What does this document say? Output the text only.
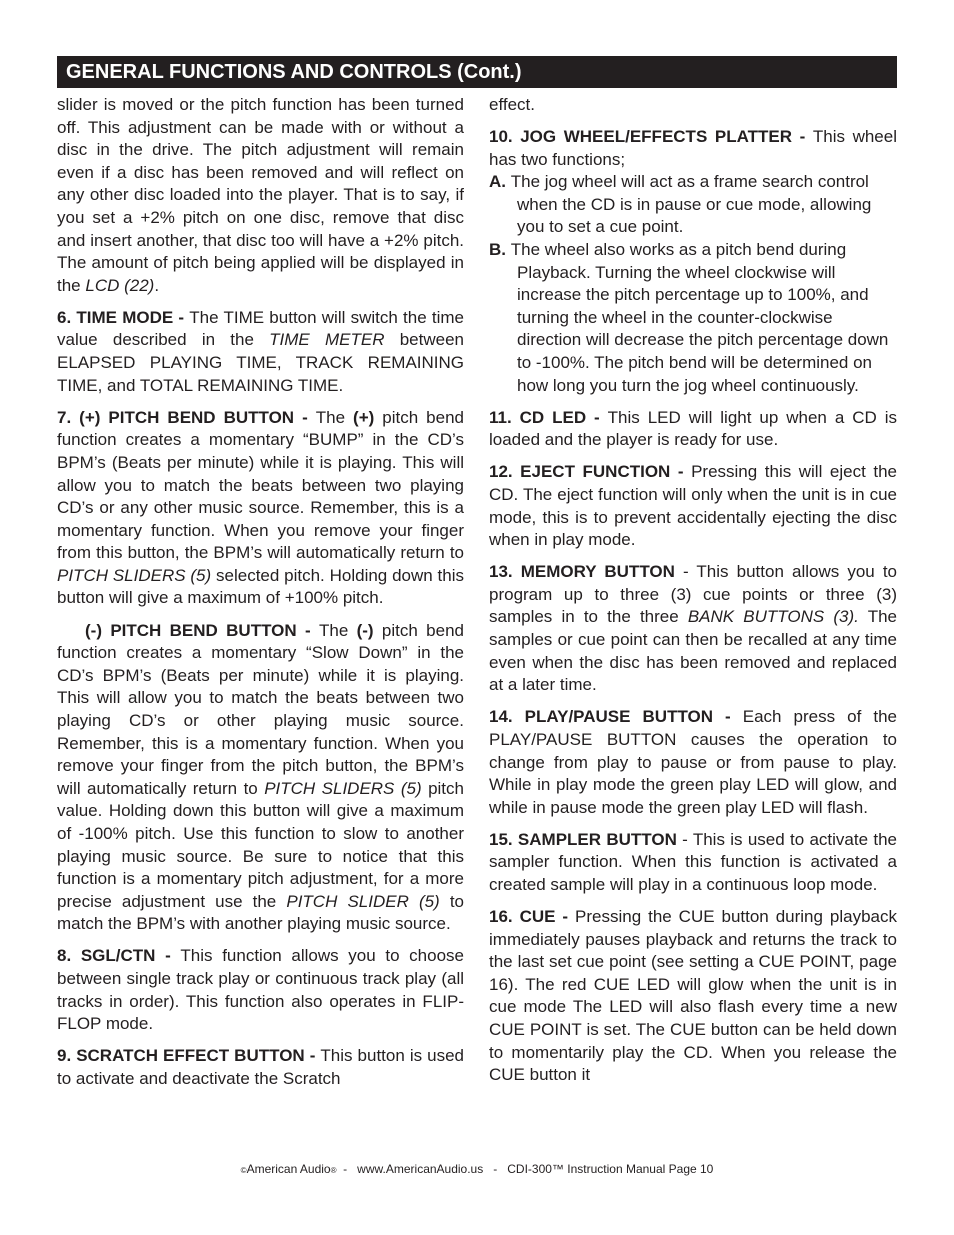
GENERAL FUNCTIONS AND CONTROLS (Cont.)

slider is moved or the pitch function has been turned off. This adjustment can be made with or without a disc in the drive. The pitch adjustment will remain even if a disc has been removed and will reflect on any other disc loaded into the player. That is to say, if you set a +2% pitch on one disc, remove that disc and insert another, that disc too will have a +2% pitch. The amount of pitch being applied will be displayed in the LCD (22).

6. TIME MODE - The TIME button will switch the time value described in the TIME METER between ELAPSED PLAYING TIME, TRACK REMAINING TIME, and TOTAL REMAINING TIME.

7. (+) PITCH BEND BUTTON - The (+) pitch bend function creates a momentary “BUMP” in the CD’s BPM’s (Beats per minute) while it is playing. This will allow you to match the beats between two playing CD’s or any other music source. Remember, this is a momentary function. When you remove your finger from this button, the BPM’s will automatically return to PITCH SLIDERS (5) selected pitch. Holding down this button will give a maximum of +100% pitch.

(-) PITCH BEND BUTTON - The (-) pitch bend function creates a momentary “Slow Down” in the CD’s BPM’s (Beats per minute) while it is playing. This will allow you to match the beats between two playing CD’s or other playing music source. Remember, this is a momentary function. When you remove your finger from the pitch button, the BPM’s will automatically return to PITCH SLIDERS (5) pitch value. Holding down this button will give a maximum of -100% pitch. Use this function to slow to another playing music source. Be sure to notice that this function is a momentary pitch adjustment, for a more precise adjustment use the PITCH SLIDER (5) to match the BPM’s with another playing music source.

8. SGL/CTN - This function allows you to choose between single track play or continuous track play (all tracks in order). This function also operates in FLIP-FLOP mode.

9. SCRATCH EFFECT BUTTON - This button is used to activate and deactivate the Scratch

effect.

10. JOG WHEEL/EFFECTS PLATTER - This wheel has two functions;

A. The jog wheel will act as a frame search control when the CD is in pause or cue mode, allowing you to set a cue point.

B. The wheel also works as a pitch bend during Playback. Turning the wheel clockwise will increase the pitch percentage up to 100%, and turning the wheel in the counter-clockwise direction will decrease the pitch percentage down to -100%. The pitch bend will be determined on how long you turn the jog wheel continuously.

11. CD LED - This LED will light up when a CD is loaded and the player is ready for use.

12. EJECT FUNCTION - Pressing this will eject the CD. The eject function will only when the unit is in cue mode, this is to prevent accidentally ejecting the disc when in play mode.

13. MEMORY BUTTON - This button allows you to program up to three (3) cue points or three (3) samples in to the three BANK BUTTONS (3). The samples or cue point can then be recalled at any time even when the disc has been removed and replaced at a later time.

14. PLAY/PAUSE BUTTON - Each press of the PLAY/PAUSE BUTTON causes the operation to change from play to pause or from pause to play. While in play mode the green play LED will glow, and while in pause mode the green play LED will flash.

15. SAMPLER BUTTON - This is used to activate the sampler function. When this function is activated a created sample will play in a continuous loop mode.

16. CUE - Pressing the CUE button during playback immediately pauses playback and returns the track to the last set cue point (see setting a CUE POINT, page 16). The red CUE LED will glow when the unit is in cue mode The LED will also flash every time a new CUE POINT is set. The CUE button can be held down to momentarily play the CD. When you release the CUE button it

©American Audio®  -   www.AmericanAudio.us   -   CDI-300™ Instruction Manual Page 10
